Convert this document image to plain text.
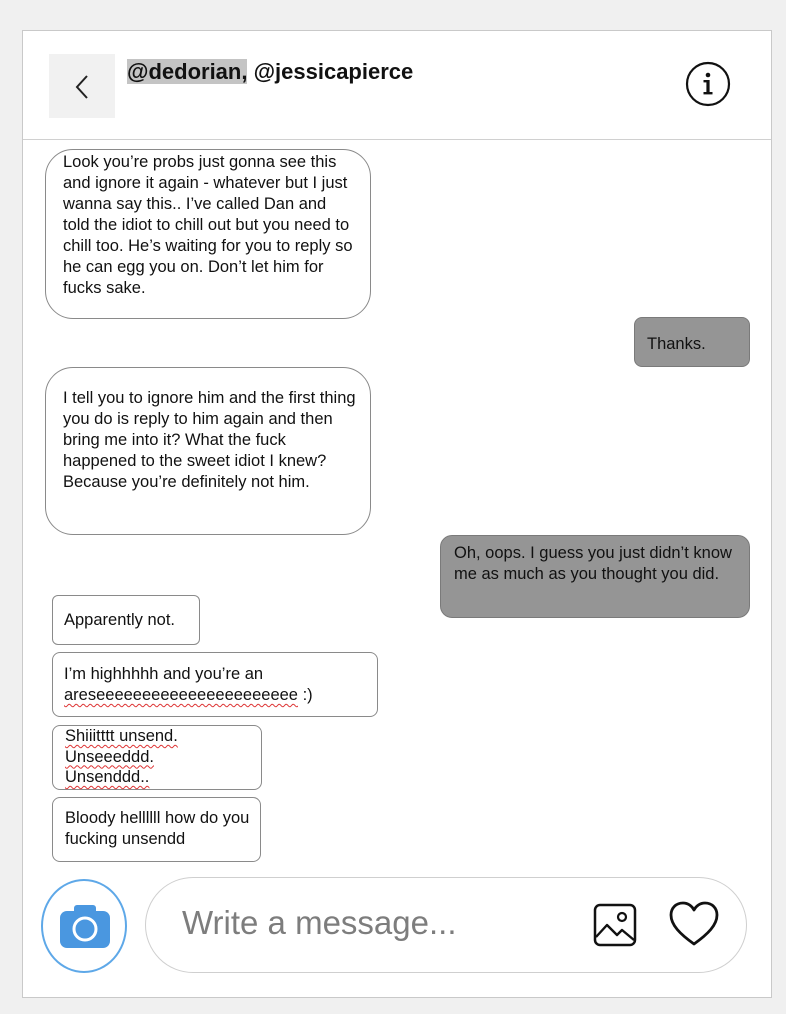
@dedorian, @jessicapierce
Look you’re probs just gonna see this and ignore it again - whatever but I just wanna say this.. I’ve called Dan and told the idiot to chill out but you need to chill too. He’s waiting for you to reply so he can egg you on. Don’t let him for fucks sake.
Thanks.
I tell you to ignore him and the first thing you do is reply to him again and then bring me into it? What the fuck happened to the sweet idiot I knew? Because you’re definitely not him.
Oh, oops. I guess you just didn’t know me as much as you thought you did.
Apparently not.
I’m highhhhh and you’re an
areseeeeeeeeeeeeeeeeeeeeee :)
Shiiitttt unsend.
Unseeeddd.
Unsenddd..
Bloody hellllll how do you fucking unsendd
Write a message...
